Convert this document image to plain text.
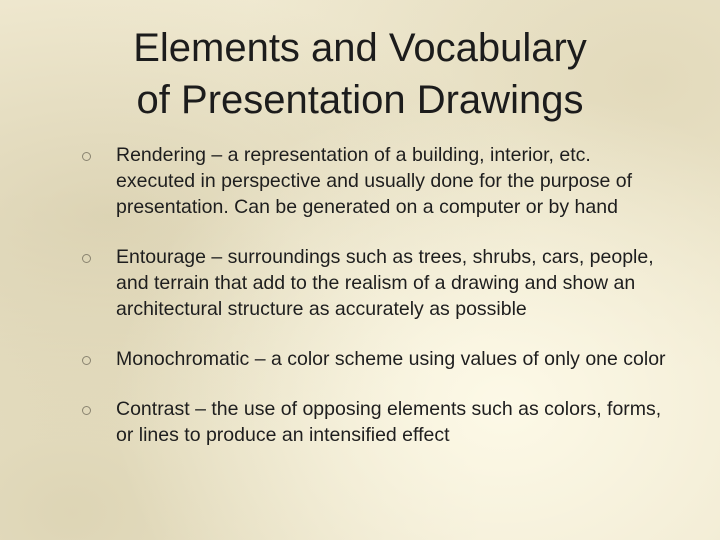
Elements and Vocabulary
of Presentation Drawings
Rendering – a representation of a building, interior, etc. executed in perspective and usually done for the purpose of presentation. Can be generated on a computer or by hand
Entourage – surroundings such as trees, shrubs, cars, people, and terrain that add to the realism of a drawing and show an architectural structure as accurately as possible
Monochromatic – a color scheme using values of only one color
Contrast – the use of opposing elements such as colors, forms, or lines to produce an intensified effect
